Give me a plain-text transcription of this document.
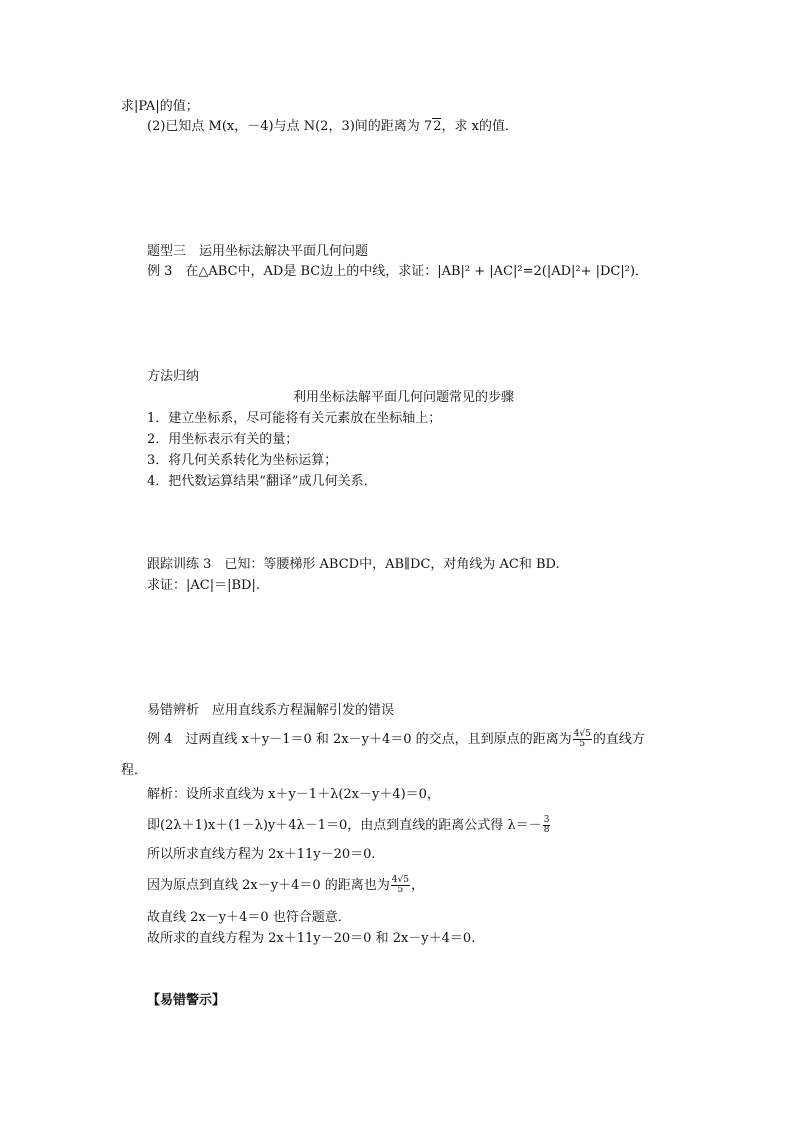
求|PA|的值；
(2)已知点 M(x，－4)与点 N(2，3)间的距离为 72，求 x的值．
题型三　运用坐标法解决平面几何问题
例 3　在△ABC中，AD是 BC边上的中线，求证：|AB|² + |AC|²=2(|AD|²+ |DC|²)．
方法归纳
利用坐标法解平面几何问题常见的步骤
1．建立坐标系，尽可能将有关元素放在坐标轴上；
2．用坐标表示有关的量；
3．将几何关系转化为坐标运算；
4．把代数运算结果“翻译”成几何关系．
跟踪训练 3　已知：等腰梯形 ABCD中，AB∥DC，对角线为 AC和 BD.
求证：|AC|＝|BD|.
易错辨析　应用直线系方程漏解引发的错误
例 4　过两直线 x＋y－1＝0 和 2x－y＋4＝0 的交点，且到原点的距离为 $\frac{4√5}{5}$ 的直线方
程．
解析：设所求直线为 x＋y－1＋λ(2x－y＋4)＝0，
即(2λ＋1)x＋(1－λ)y＋4λ－1＝0，由点到直线的距离公式得 $\lambda=- \frac{3}{8}$
所以所求直线方程为 2x＋11y－20＝0.
因为原点到直线 2x－y＋4＝0 的距离也为 $\frac{4√5}{5}$ ，
故直线 2x－y＋4＝0 也符合题意．
故所求的直线方程为 2x＋11y－20＝0 和 2x－y＋4＝0.
【易错警示】
